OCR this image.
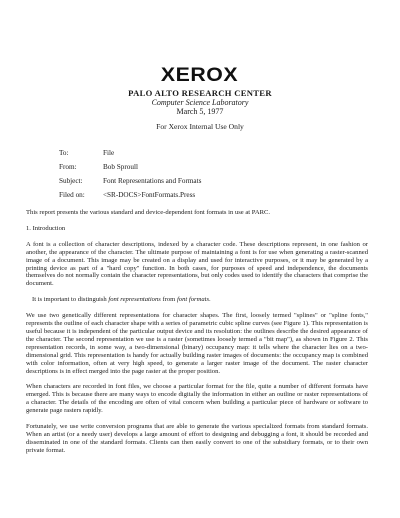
XEROX
PALO ALTO RESEARCH CENTER
Computer Science Laboratory
March 5, 1977
For Xerox Internal Use Only
To:	File
From:	Bob Sproull
Subject:	Font Representations and Formats
Filed on:	<SR-DOCS>FontFormats.Press

This report presents the various standard and device-dependent font formats in use at PARC.

1. Introduction

A font is a collection of character descriptions, indexed by a character code. These descriptions represent, in one fashion or another, the appearance of the character. The ultimate purpose of maintaining a font is for use when generating a raster-scanned image of a document. This image may be created on a display and used for interactive purposes, or it may be generated by a printing device as part of a "hard copy" function. In both cases, for purposes of speed and independence, the documents themselves do not normally contain the character representations, but only codes used to identify the characters that comprise the document.

It is important to distinguish font representations from font formats.

We use two genetically different representations for character shapes. The first, loosely termed "splines" or "spline fonts," represents the outline of each character shape with a series of parametric cubic spline curves (see Figure 1). This representation is useful because it is independent of the particular output device and its resolution: the outlines describe the desired appearance of the character. The second representation we use is a raster (sometimes loosely termed a "bit map"), as shown in Figure 2. This representation records, in some way, a two-dimensional (binary) occupancy map: it tells where the character lies on a two-dimensional grid. This representation is handy for actually building raster images of documents: the occupancy map is combined with color information, often at very high speed, to generate a larger raster image of the document. The raster character descriptions is in effect merged into the page raster at the proper position.

When characters are recorded in font files, we choose a particular format for the file, quite a number of different formats have emerged. This is because there are many ways to encode digitally the information in either an outline or raster representations of a character. The details of the encoding are often of vital concern when building a particular piece of hardware or software to generate page rasters rapidly.

Fortunately, we use write conversion programs that are able to generate the various specialized formats from standard formats. When an artist (or a needy user) develops a large amount of effort to designing and debugging a font, it should be recorded and disseminated in one of the standard formats. Clients can then easily convert to one of the subsidiary formats, or to their own private format.
